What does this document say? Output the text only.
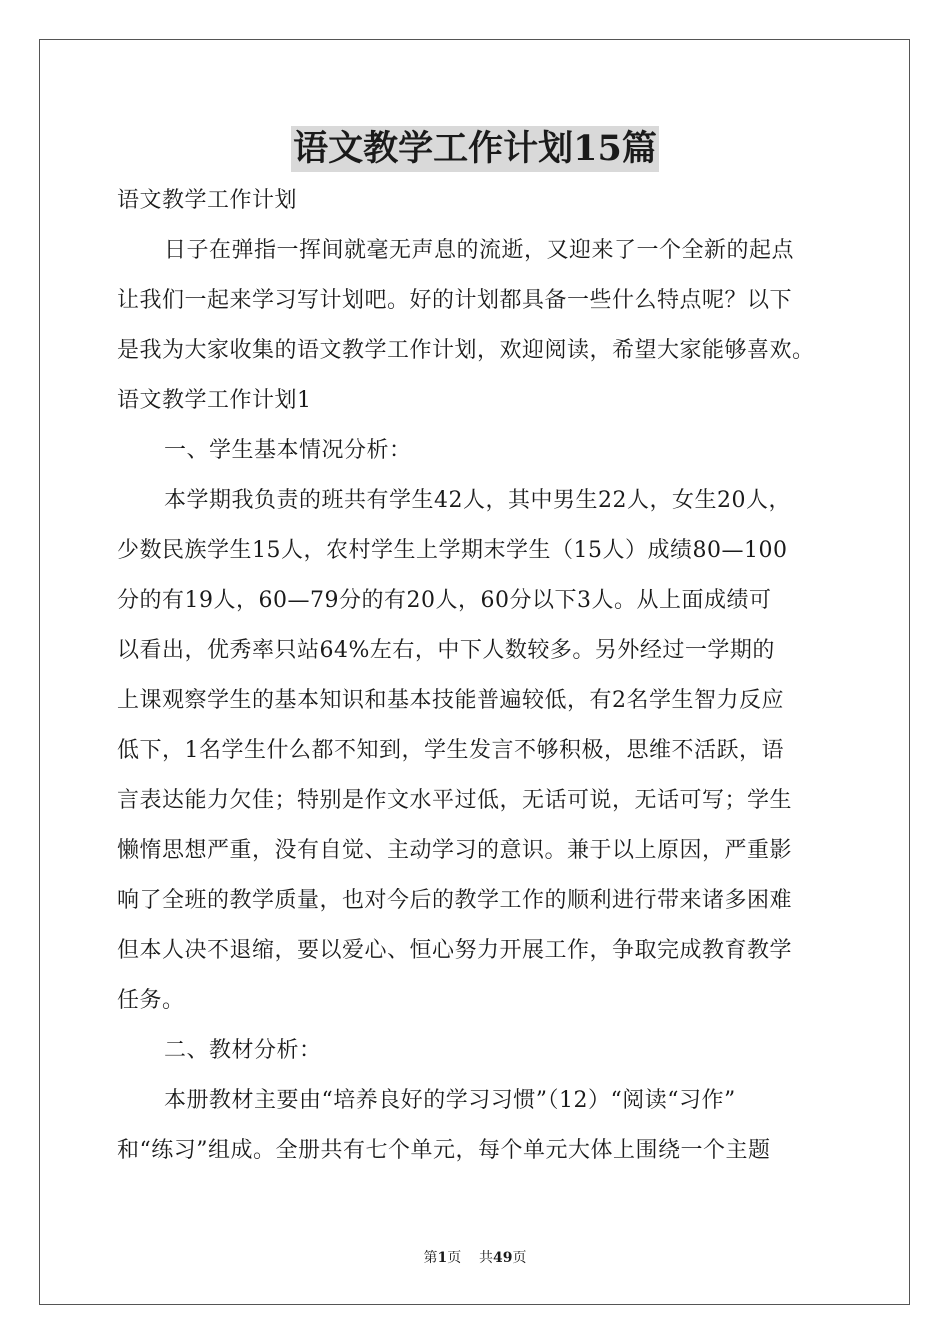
语文教学工作计划15篇
语文教学工作计划
日子在弹指一挥间就毫无声息的流逝，又迎来了一个全新的起点
让我们一起来学习写计划吧。好的计划都具备一些什么特点呢？以下
是我为大家收集的语文教学工作计划，欢迎阅读，希望大家能够喜欢。
语文教学工作计划1
一、学生基本情况分析：
本学期我负责的班共有学生42人，其中男生22人，女生20人，
少数民族学生15人，农村学生上学期末学生（15人）成绩80—100
分的有19人，60—79分的有20人，60分以下3人。从上面成绩可
以看出，优秀率只站64%左右，中下人数较多。另外经过一学期的
上课观察学生的基本知识和基本技能普遍较低，有2名学生智力反应
低下，1名学生什么都不知到，学生发言不够积极，思维不活跃，语
言表达能力欠佳；特别是作文水平过低，无话可说，无话可写；学生
懒惰思想严重，没有自觉、主动学习的意识。兼于以上原因，严重影
响了全班的教学质量，也对今后的教学工作的顺利进行带来诸多困难
但本人决不退缩，要以爱心、恒心努力开展工作，争取完成教育教学
任务。
二、教材分析：
本册教材主要由“培养良好的学习习惯”（12）“阅读“习作”
和“练习”组成。全册共有七个单元，每个单元大体上围绕一个主题
第1页 共49页
